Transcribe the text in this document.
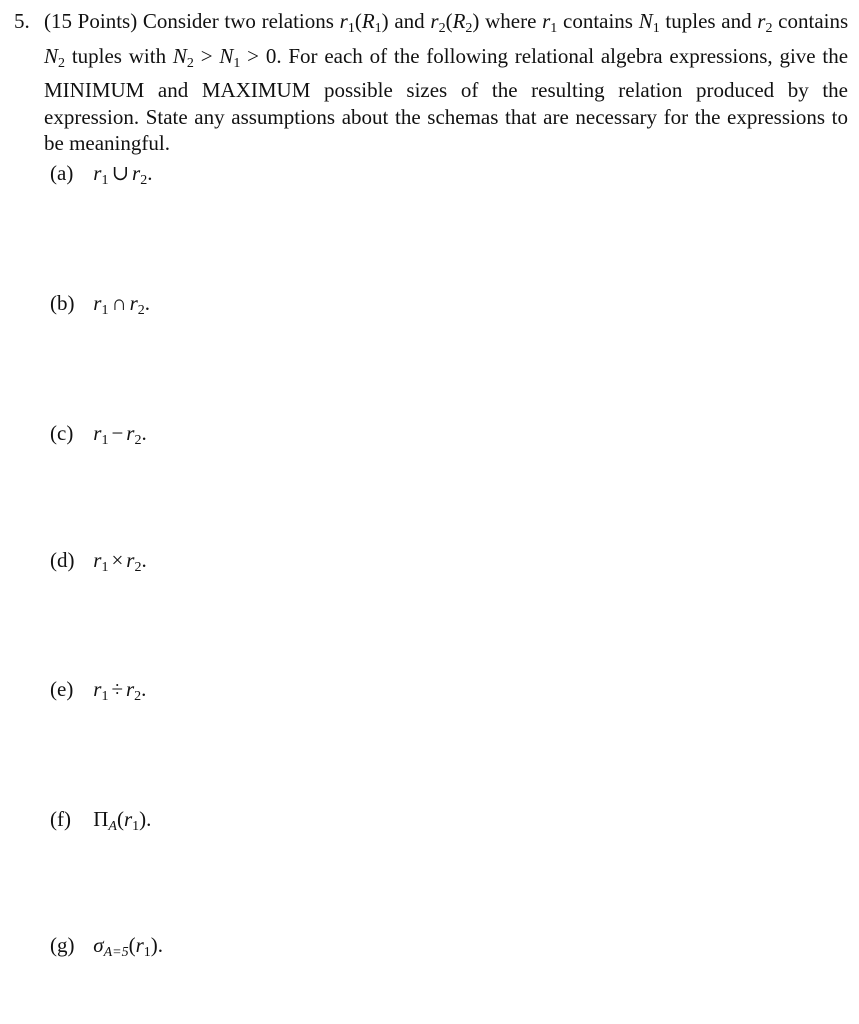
5. (15 Points) Consider two relations $r_1(R_1)$ and $r_2(R_2)$ where $r_1$ contains $N_1$ tuples and $r_2$ contains $N_2$ tuples with $N_2 > N_1 > 0$. For each of the following relational algebra expressions, give the MINIMUM and MAXIMUM possible sizes of the resulting relation produced by the expression. State any assumptions about the schemas that are necessary for the expressions to be meaningful.
(a) $r_1$ ∪ $r_2$.
(b) $r_1$ ∩ $r_2$.
(c) $r_1 - r_2$.
(d) $r_1 \times r_2$.
(e) $r_1 \div r_2$.
(f) $\Pi A(r_1)$.
(g) $\sigma A=5(r_1)$.
